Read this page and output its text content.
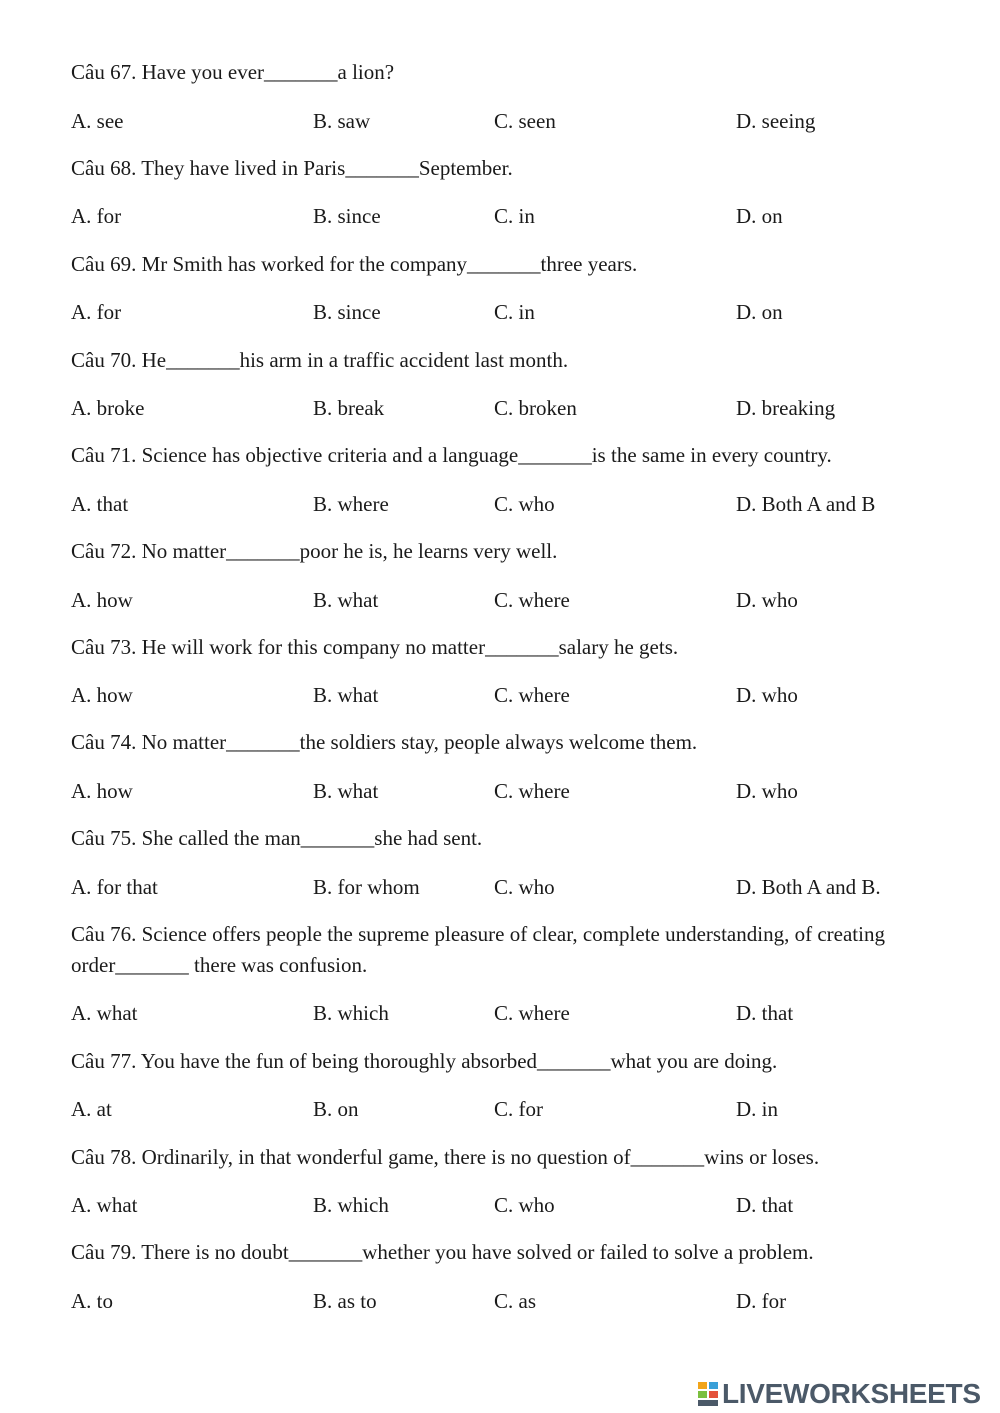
Câu 67. Have you ever_______a lion?
A. see	B. saw	C. seen	D. seeing
Câu 68. They have lived in Paris_______September.
A. for	B. since	C. in	D. on
Câu 69. Mr Smith has worked for the company_______three years.
A. for	B. since	C. in	D. on
Câu 70. He_______his arm in a traffic accident last month.
A. broke	B. break	C. broken	D. breaking
Câu 71. Science has objective criteria and a language_______is the same in every country.
A. that	B. where	C. who	D. Both A and B
Câu 72. No matter_______poor he is, he learns very well.
A. how	B. what	C. where	D. who
Câu 73. He will work for this company no matter_______salary he gets.
A. how	B. what	C. where	D. who
Câu 74. No matter_______the soldiers stay, people always welcome them.
A. how	B. what	C. where	D. who
Câu 75. She called the man_______she had sent.
A. for that	B. for whom	C. who	D. Both A and B.
Câu 76. Science offers people the supreme pleasure of clear, complete understanding, of creating order_______ there was confusion.
A. what	B. which	C. where	D. that
Câu 77. You have the fun of being thoroughly absorbed_______what you are doing.
A. at	B. on	C. for	D. in
Câu 78. Ordinarily, in that wonderful game, there is no question of_______wins or loses.
A. what	B. which	C. who	D. that
Câu 79. There is no doubt_______whether you have solved or failed to solve a problem.
A. to	B. as to	C. as	D. for
LIVEWORKSHEETS
